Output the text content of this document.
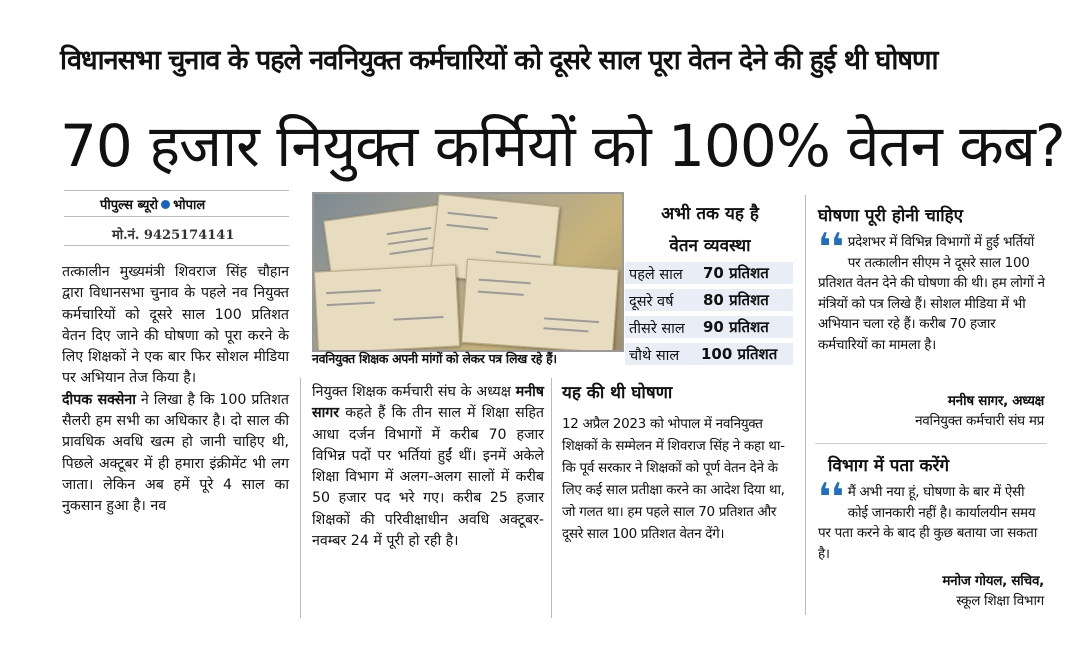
विधानसभा चुनाव के पहले नवनियुक्त कर्मचारियों को दूसरे साल पूरा वेतन देने की हुई थी घोषणा
70 हजार नियुक्त कर्मियों को 100% वेतन कब?
पीपुल्स ब्यूरो भोपाल
मो.नं. 9425174141

तत्कालीन मुख्यमंत्री शिवराज सिंह चौहान द्वारा विधानसभा चुनाव के पहले नव नियुक्त कर्मचारियों को दूसरे साल 100 प्रतिशत वेतन दिए जाने की घोषणा को पूरा करने के लिए शिक्षकों ने एक बार फिर सोशल मीडिया पर अभियान तेज किया है।

दीपक सक्सेना ने लिखा है कि 100 प्रतिशत सैलरी हम सभी का अधिकार है। दो साल की प्रावधिक अवधि खत्म हो जानी चाहिए थी, पिछले अक्टूबर में ही हमारा इंक्रीमेंट भी लग जाता। लेकिन अब हमें पूरे 4 साल का नुकसान हुआ है। नव

नवनियुक्त शिक्षक अपनी मांगों को लेकर पत्र लिख रहे हैं।

नियुक्त शिक्षक कर्मचारी संघ के अध्यक्ष मनीष सागर कहते हैं कि तीन साल में शिक्षा सहित आधा दर्जन विभागों में करीब 70 हजार विभिन्न पदों पर भर्तियां हुईं थीं। इनमें अकेले शिक्षा विभाग में अलग-अलग सालों में करीब 50 हजार पद भरे गए। करीब 25 हजार शिक्षकों की परिवीक्षाधीन अवधि अक्टूबर-नवम्बर 24 में पूरी हो रही है।

अभी तक यह है
वेतन व्यवस्था
पहले साल 70 प्रतिशत
दूसरे वर्ष 80 प्रतिशत
तीसरे साल 90 प्रतिशत
चौथे साल 100 प्रतिशत
यह की थी घोषणा
12 अप्रैल 2023 को भोपाल में नवनियुक्त शिक्षकों के सम्मेलन में शिवराज सिंह ने कहा था- कि पूर्व सरकार ने शिक्षकों को पूर्ण वेतन देने के लिए कई साल प्रतीक्षा करने का आदेश दिया था, जो गलत था। हम पहले साल 70 प्रतिशत और दूसरे साल 100 प्रतिशत वेतन देंगे।
घोषणा पूरी होनी चाहिए
❛❛ प्रदेशभर में विभिन्न विभागों में हुई भर्तियों पर तत्कालीन सीएम ने दूसरे साल 100 प्रतिशत वेतन देने की घोषणा की थी। हम लोगों ने मंत्रियों को पत्र लिखे हैं। सोशल मीडिया में भी अभियान चला रहे हैं। करीब 70 हजार कर्मचारियों का मामला है।
मनीष सागर, अध्यक्ष
नवनियुक्त कर्मचारी संघ मप्र
विभाग में पता करेंगे
❛❛ मैं अभी नया हूं, घोषणा के बार में ऐसी कोई जानकारी नहीं है। कार्यालयीन समय पर पता करने के बाद ही कुछ बताया जा सकता है।
मनोज गोयल, सचिव,
स्कूल शिक्षा विभाग
